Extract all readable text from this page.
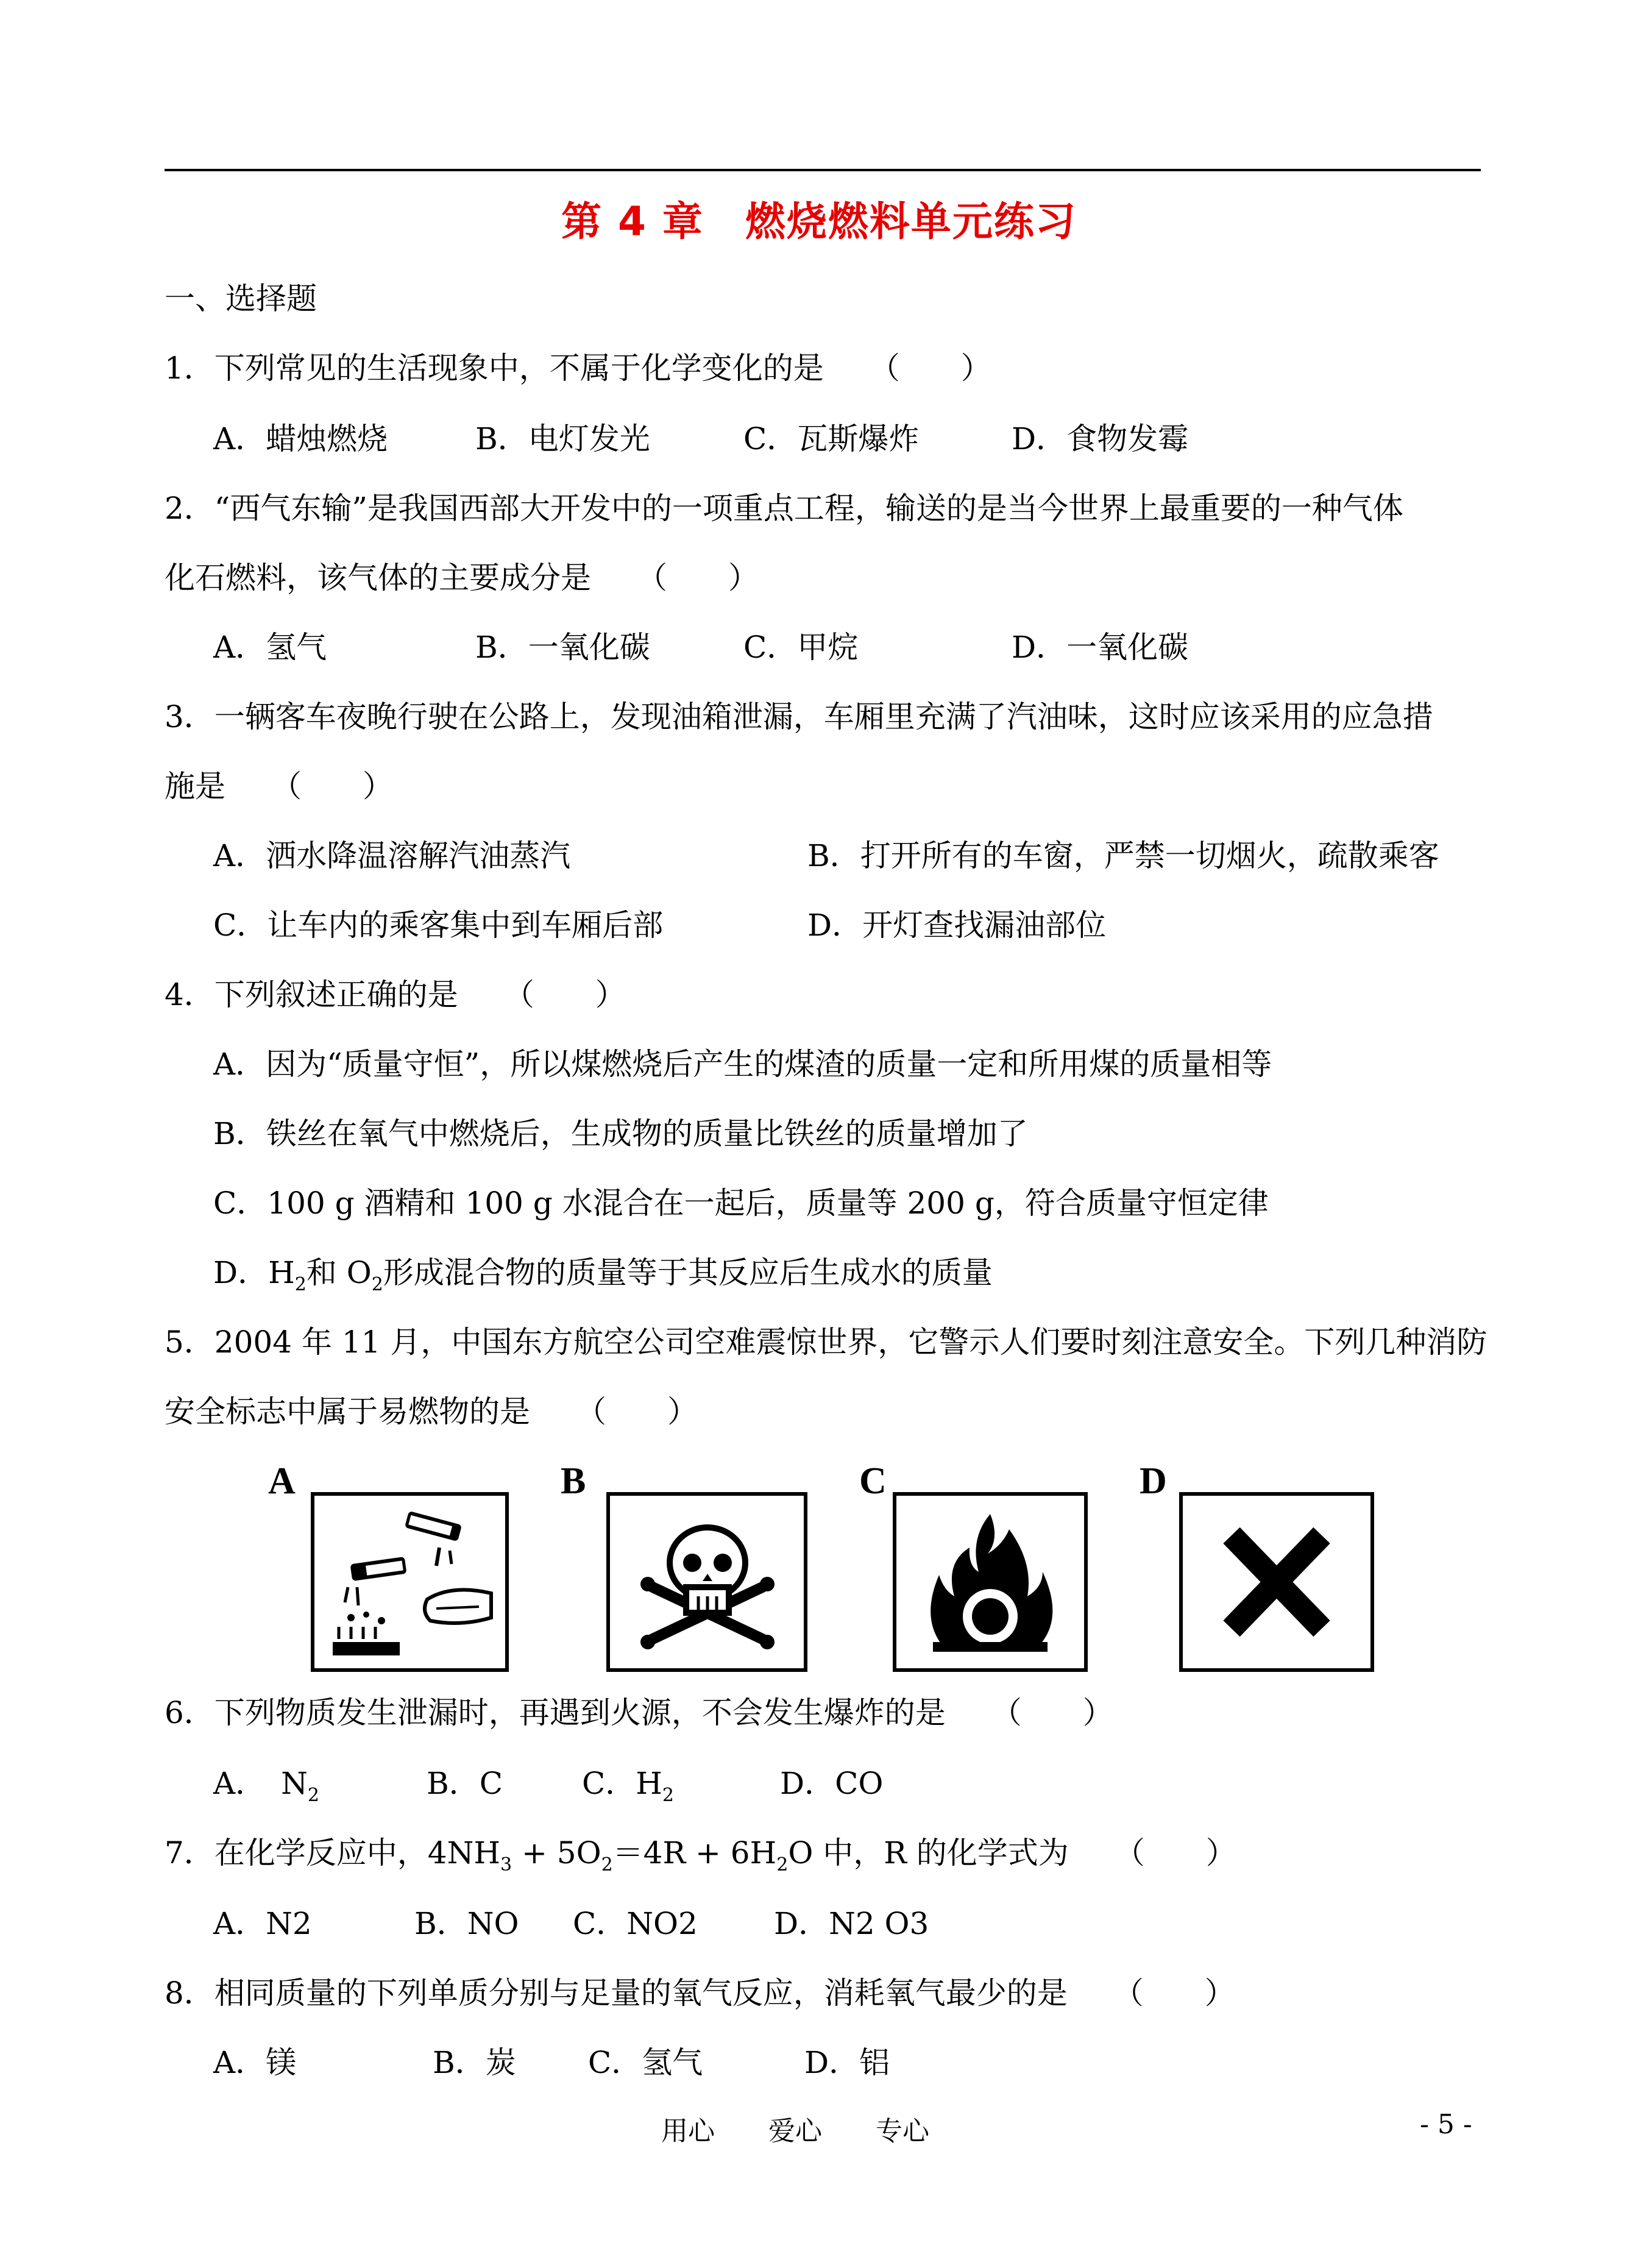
第 4 章　燃烧燃料单元练习
一、选择题
1．下列常见的生活现象中，不属于化学变化的是　　（　　）
A．蜡烛燃烧	B．电灯发光	C．瓦斯爆炸	D．食物发霉
2．“西气东输”是我国西部大开发中的一项重点工程，输送的是当今世界上最重要的一种气体
化石燃料，该气体的主要成分是　　（　　）
A．氢气	B．一氧化碳	C．甲烷	D．一氧化碳
3．一辆客车夜晚行驶在公路上，发现油箱泄漏，车厢里充满了汽油味，这时应该采用的应急措
施是　　（　　）
A．洒水降温溶解汽油蒸汽	B．打开所有的车窗，严禁一切烟火，疏散乘客
C．让车内的乘客集中到车厢后部	D．开灯查找漏油部位
4．下列叙述正确的是　　（　　）
A．因为“质量守恒”，所以煤燃烧后产生的煤渣的质量一定和所用煤的质量相等
B．铁丝在氧气中燃烧后，生成物的质量比铁丝的质量增加了
C．100 g 酒精和 100 g 水混合在一起后，质量等 200 g，符合质量守恒定律
D．$H_2$和 $O_2$形成混合物的质量等于其反应后生成水的质量
5．2004 年 11 月，中国东方航空公司空难震惊世界，它警示人们要时刻注意安全。下列几种消防
安全标志中属于易燃物的是　　（　　）
A	B	C	D
6．下列物质发生泄漏时，再遇到火源，不会发生爆炸的是　　（　　）
A．　$N_2$	B．C	C．$H_2$	D．CO
7．在化学反应中，$4NH_3 + 5O_2=4R + 6H_2O$ 中，R 的化学式为　　（　　）
A．N2	B．NO C．NO2	D．N2 O3
8．相同质量的下列单质分别与足量的氧气反应，消耗氧气最少的是　　（　　）
A．镁	B．炭 C．氢气	D．铝
用心　　爱心　　专心	- 5 -
